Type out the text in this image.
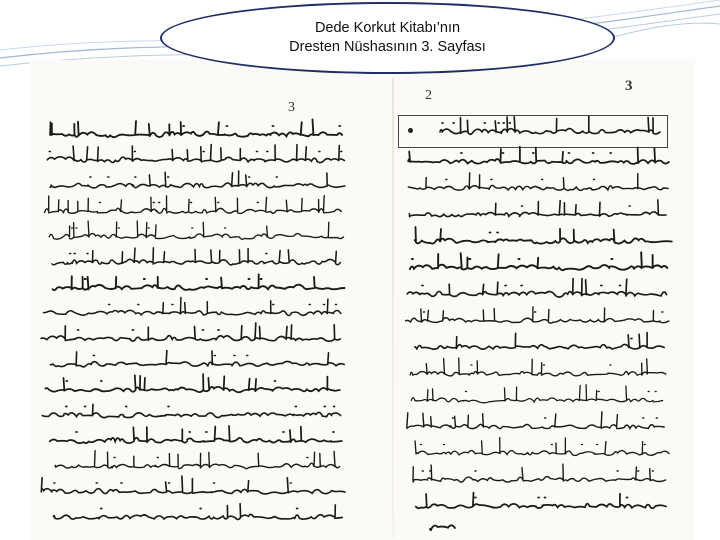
Dede Korkut Kitabı’nın
Dresten Nüshasının 3. Sayfası
3
2
3
